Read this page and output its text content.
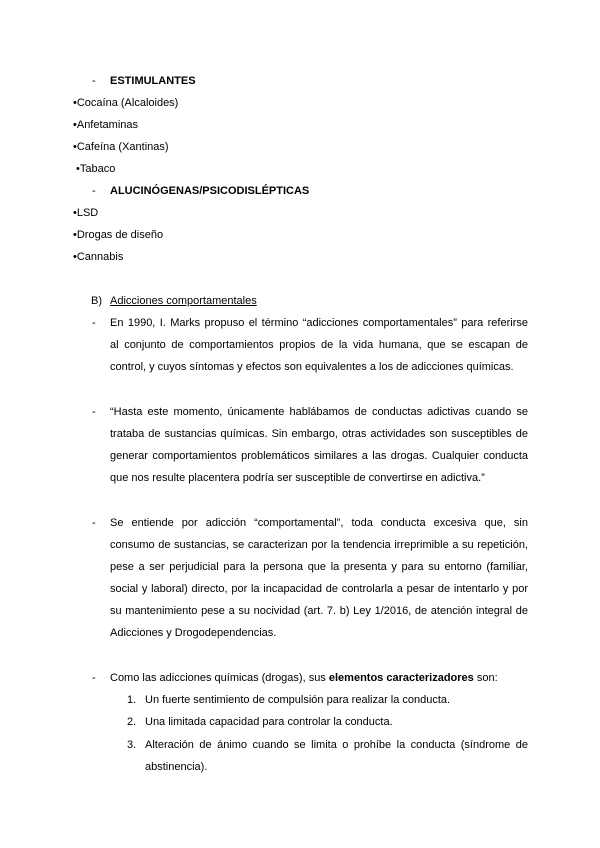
- ESTIMULANTES
•Cocaína (Alcaloides)
•Anfetaminas
•Cafeína (Xantinas)
•Tabaco
- ALUCINÓGENAS/PSICODISLÉPTICAS
•LSD
•Drogas de diseño
•Cannabis
B) Adicciones comportamentales
- En 1990, I. Marks propuso el término “adicciones comportamentales” para referirse
al conjunto de comportamientos propios de la vida humana, que se escapan de
control, y cuyos síntomas y efectos son equivalentes a los de adicciones químicas.
- “Hasta este momento, únicamente hablábamos de conductas adictivas cuando se
trataba de sustancias químicas. Sin embargo, otras actividades son susceptibles de
generar comportamientos problemáticos similares a las drogas. Cualquier conducta
que nos resulte placentera podría ser susceptible de convertirse en adictiva.”
- Se entiende por adicción “comportamental”, toda conducta excesiva que, sin
consumo de sustancias, se caracterizan por la tendencia irreprimible a su repetición,
pese a ser perjudicial para la persona que la presenta y para su entorno (familiar,
social y laboral) directo, por la incapacidad de controlarla a pesar de intentarlo y por
su mantenimiento pese a su nocividad (art. 7. b) Ley 1/2016, de atención integral de
Adicciones y Drogodependencias.
- Como las adicciones químicas (drogas), sus elementos caracterizadores son:
1. Un fuerte sentimiento de compulsión para realizar la conducta.
2. Una limitada capacidad para controlar la conducta.
3. Alteración de ánimo cuando se limita o prohíbe la conducta (síndrome de
abstinencia).
